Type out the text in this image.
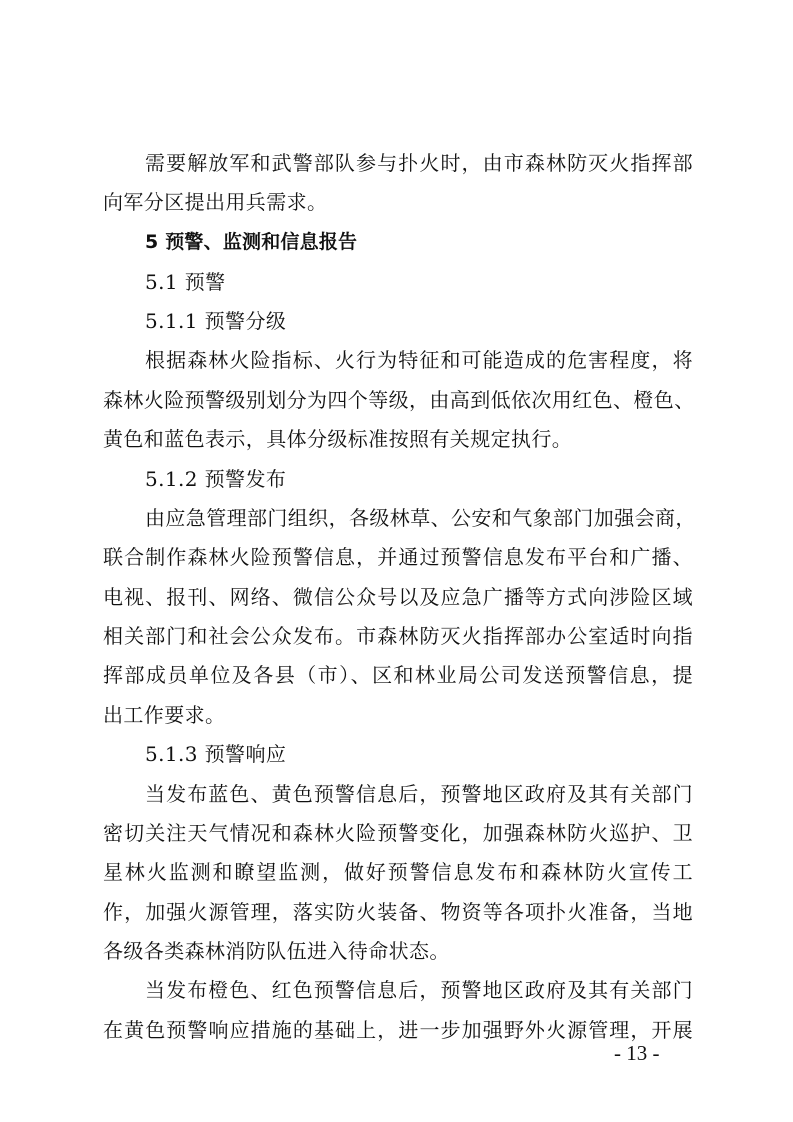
需要解放军和武警部队参与扑火时，由市森林防灭火指挥部
向军分区提出用兵需求。
5 预警、监测和信息报告
5.1 预警
5.1.1 预警分级
根据森林火险指标、火行为特征和可能造成的危害程度，将
森林火险预警级别划分为四个等级，由高到低依次用红色、橙色、
黄色和蓝色表示，具体分级标准按照有关规定执行。
5.1.2 预警发布
由应急管理部门组织，各级林草、公安和气象部门加强会商，
联合制作森林火险预警信息，并通过预警信息发布平台和广播、
电视、报刊、网络、微信公众号以及应急广播等方式向涉险区域
相关部门和社会公众发布。市森林防灭火指挥部办公室适时向指
挥部成员单位及各县（市）、区和林业局公司发送预警信息，提
出工作要求。
5.1.3 预警响应
当发布蓝色、黄色预警信息后，预警地区政府及其有关部门
密切关注天气情况和森林火险预警变化，加强森林防火巡护、卫
星林火监测和瞭望监测，做好预警信息发布和森林防火宣传工
作，加强火源管理，落实防火装备、物资等各项扑火准备，当地
各级各类森林消防队伍进入待命状态。
当发布橙色、红色预警信息后，预警地区政府及其有关部门
在黄色预警响应措施的基础上，进一步加强野外火源管理，开展
- 13 -
